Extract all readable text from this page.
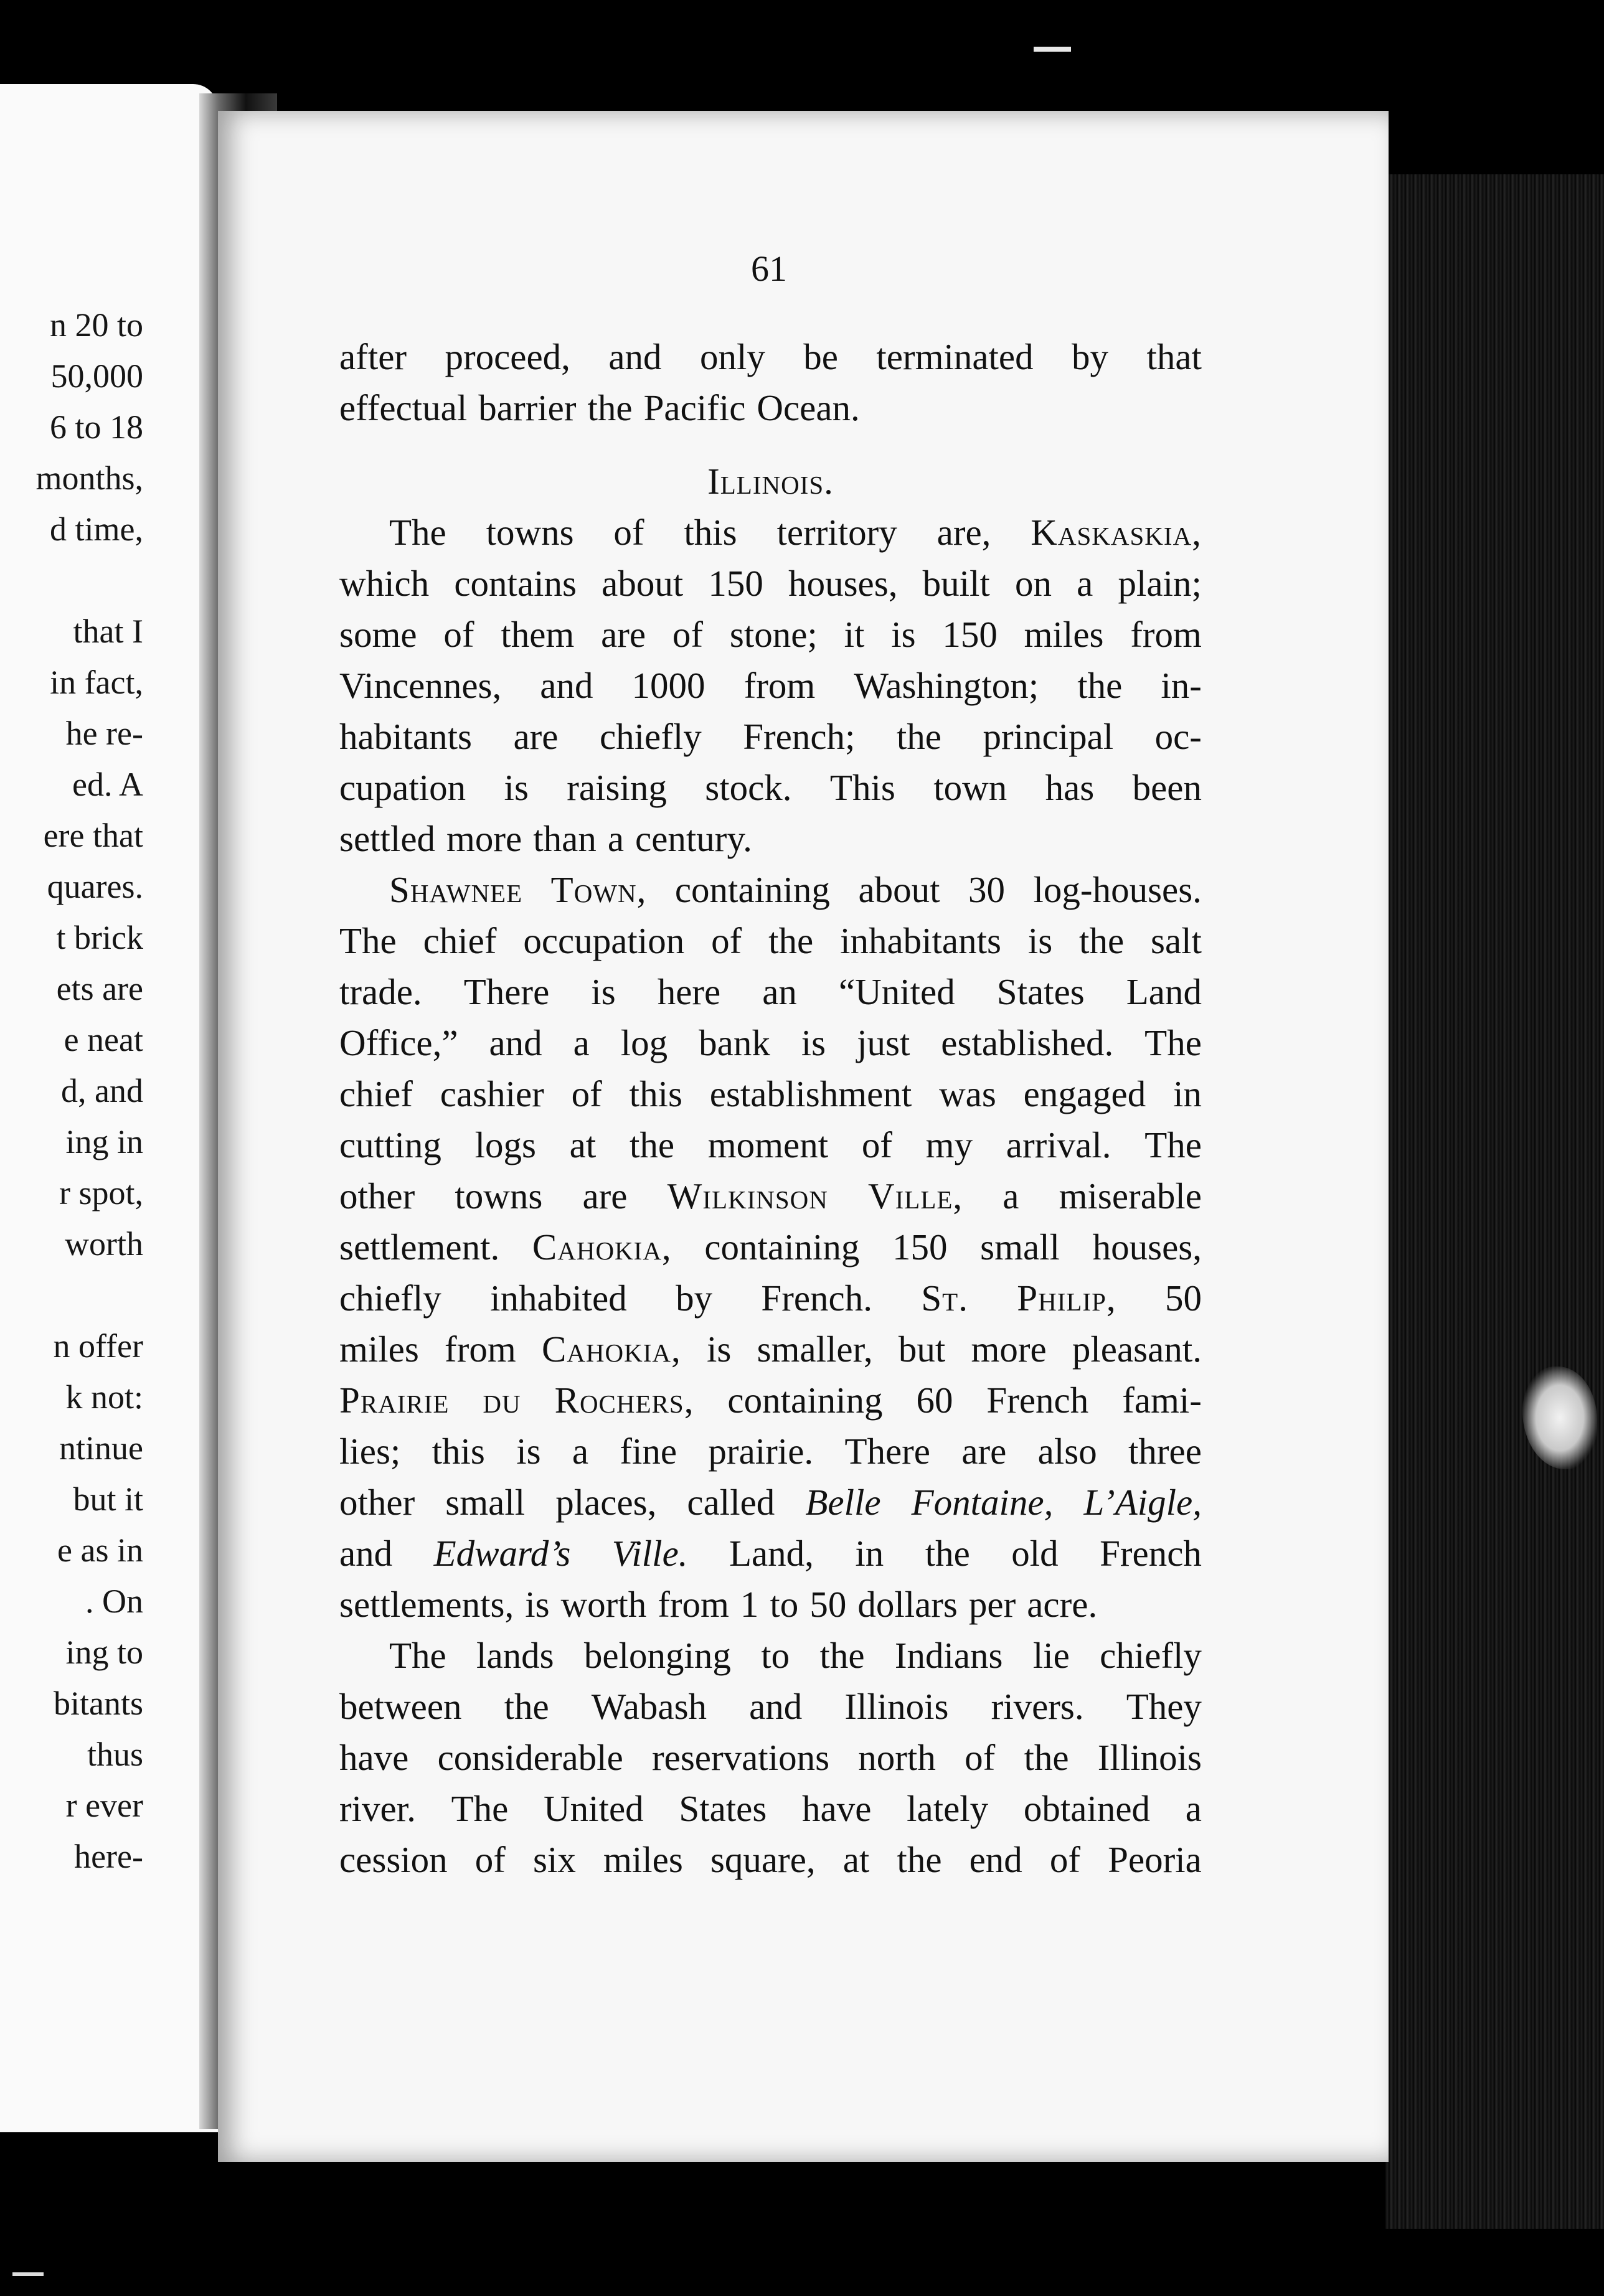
n 20 to
50,000
6 to 18
months,
d time,
that I
in fact,
he re-
ed. A
ere that
quares.
t brick
ets are
e neat
d, and
ing in
r spot,
worth
n offer
k not:
ntinue
but it
e as in
. On
ing to
bitants
thus
r ever
here-
61
after proceed, and only be terminated by that
effectual barrier the Pacific Ocean.
Illinois.
The towns of this territory are, Kaskaskia,
which contains about 150 houses, built on a plain;
some of them are of stone; it is 150 miles from
Vincennes, and 1000 from Washington; the in-
habitants are chiefly French; the principal oc-
cupation is raising stock. This town has been
settled more than a century.
Shawnee Town, containing about 30 log-houses.
The chief occupation of the inhabitants is the salt
trade. There is here an “United States Land
Office,” and a log bank is just established. The
chief cashier of this establishment was engaged in
cutting logs at the moment of my arrival. The
other towns are Wilkinson Ville, a miserable
settlement. Cahokia, containing 150 small houses,
chiefly inhabited by French. St. Philip, 50
miles from Cahokia, is smaller, but more pleasant.
Prairie du Rochers, containing 60 French fami-
lies; this is a fine prairie. There are also three
other small places, called Belle Fontaine, L’Aigle,
and Edward’s Ville. Land, in the old French
settlements, is worth from 1 to 50 dollars per acre.
The lands belonging to the Indians lie chiefly
between the Wabash and Illinois rivers. They
have considerable reservations north of the Illinois
river. The United States have lately obtained a
cession of six miles square, at the end of Peoria
